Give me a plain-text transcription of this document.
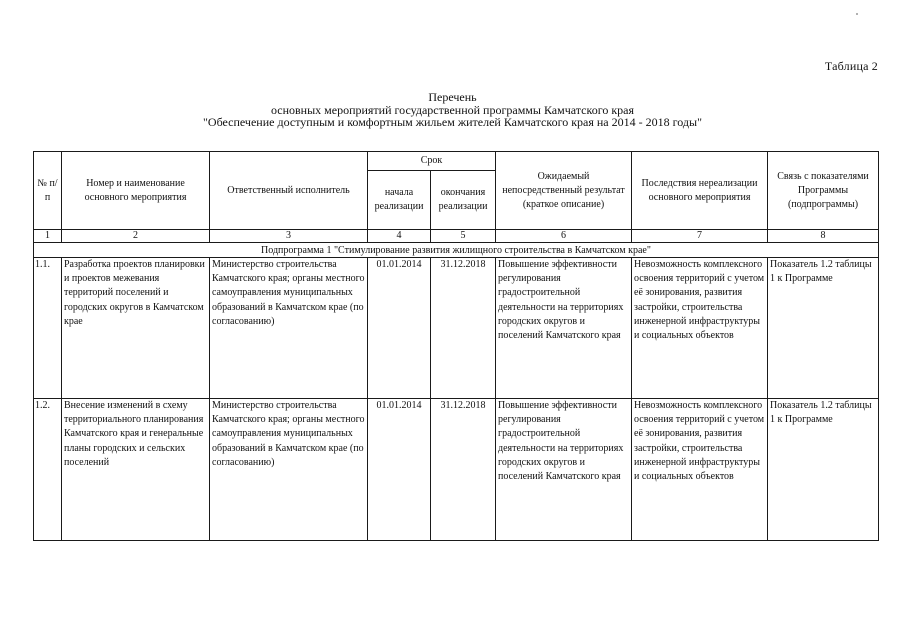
Таблица 2
Перечень
основных мероприятий государственной программы Камчатского края
"Обеспечение доступным и комфортным жильем жителей Камчатского края на 2014 - 2018 годы"
№ п/п	Номер и наименование основного мероприятия	Ответственный исполнитель	Срок		Ожидаемый непосредственный результат (краткое описание)	Последствия нереализации основного мероприятия	Связь с показателями Программы (подпрограммы)
			начала реализации	окончания реализации			
1	2	3	4	5	6	7	8
Подпрограмма 1 "Стимулирование развития жилищного строительства в Камчатском крае"							
1.1.	Разработка проектов планировки и проектов межевания территорий поселений и городских округов в Камчатском крае	Министерство строительства Камчатского края; органы местного самоуправления муниципальных образований в Камчатском крае (по согласованию)	01.01.2014	31.12.2018	Повышение эффективности регулирования градостроительной деятельности на территориях городских округов и поселений Камчатского края	Невозможность комплексного освоения территорий с учетом её зонирования, развития застройки, строительства инженерной инфраструктуры и социальных объектов	Показатель 1.2 таблицы 1 к Программе
1.2.	Внесение изменений в схему территориального планирования Камчатского края и генеральные планы городских и сельских поселений	Министерство строительства Камчатского края; органы местного самоуправления муниципальных образований в Камчатском крае (по согласованию)	01.01.2014	31.12.2018	Повышение эффективности регулирования градостроительной деятельности на территориях городских округов и поселений Камчатского края	Невозможность комплексного освоения территорий с учетом её зонирования, развития застройки, строительства инженерной инфраструктуры и социальных объектов	Показатель 1.2 таблицы 1 к Программе
